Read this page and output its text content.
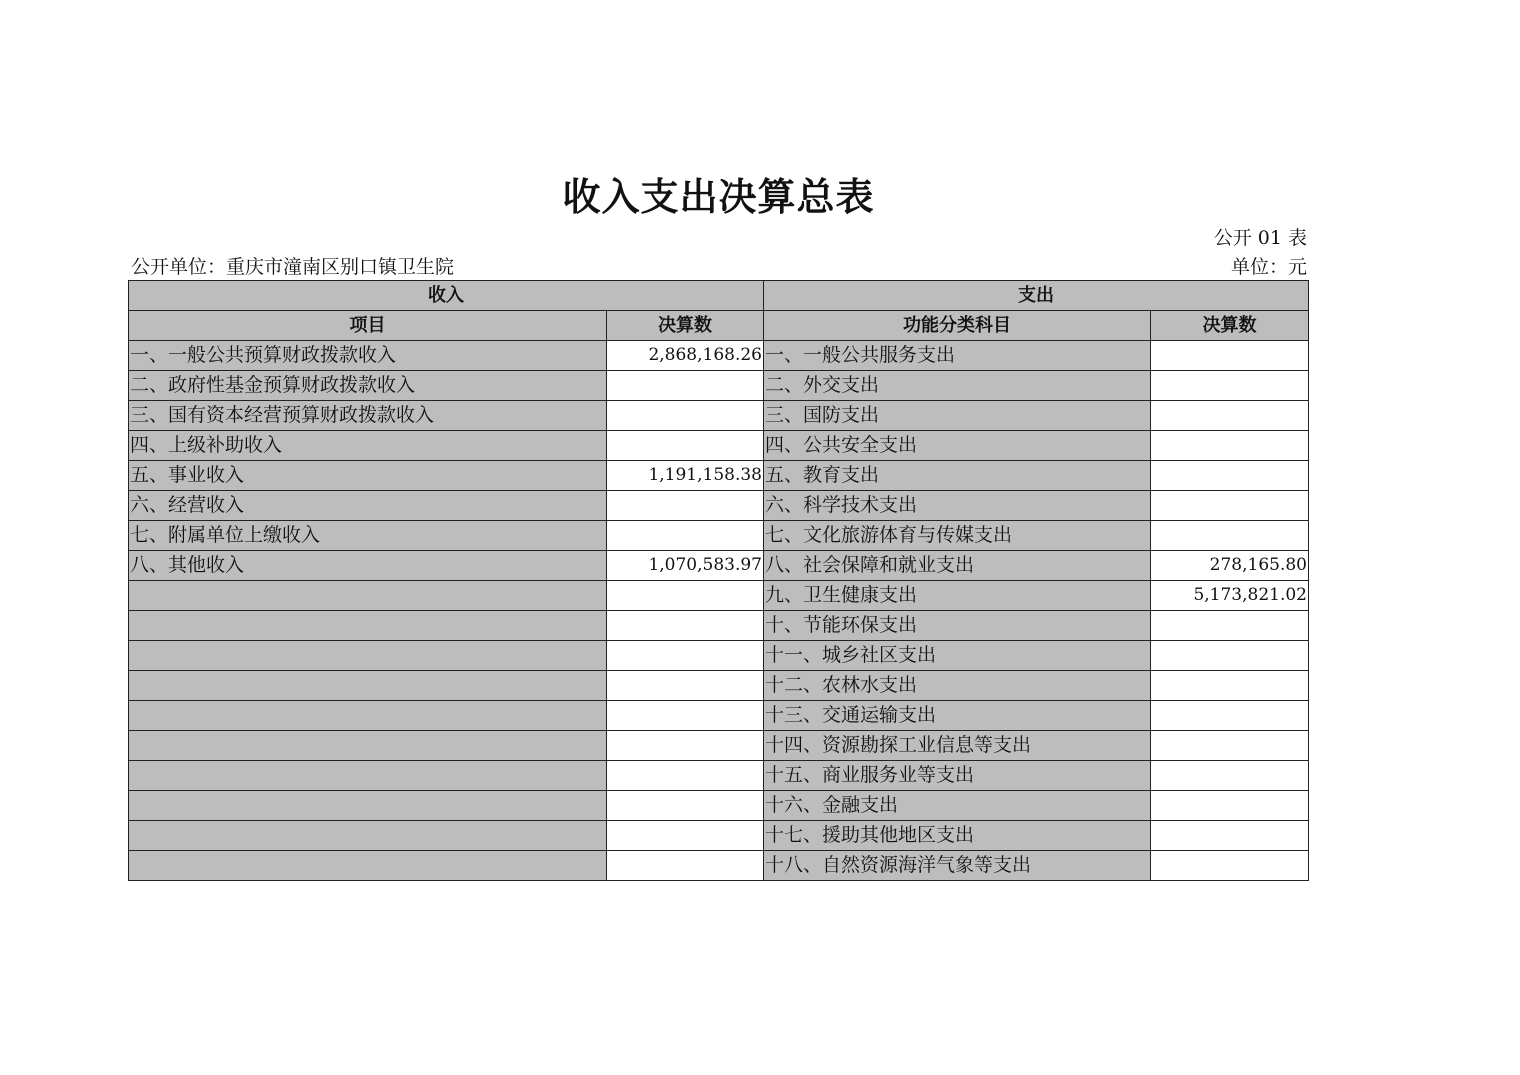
收入支出决算总表
公开 01 表
公开单位：重庆市潼南区别口镇卫生院	单位：元
收入		支出	
项目	决算数	功能分类科目	决算数
一、一般公共预算财政拨款收入	2,868,168.26	一、一般公共服务支出	
二、政府性基金预算财政拨款收入		二、外交支出	
三、国有资本经营预算财政拨款收入		三、国防支出	
四、上级补助收入		四、公共安全支出	
五、事业收入	1,191,158.38	五、教育支出	
六、经营收入		六、科学技术支出	
七、附属单位上缴收入		七、文化旅游体育与传媒支出	
八、其他收入	1,070,583.97	八、社会保障和就业支出	278,165.80
		九、卫生健康支出	5,173,821.02
		十、节能环保支出	
		十一、城乡社区支出	
		十二、农林水支出	
		十三、交通运输支出	
		十四、资源勘探工业信息等支出	
		十五、商业服务业等支出	
		十六、金融支出	
		十七、援助其他地区支出	
		十八、自然资源海洋气象等支出	
